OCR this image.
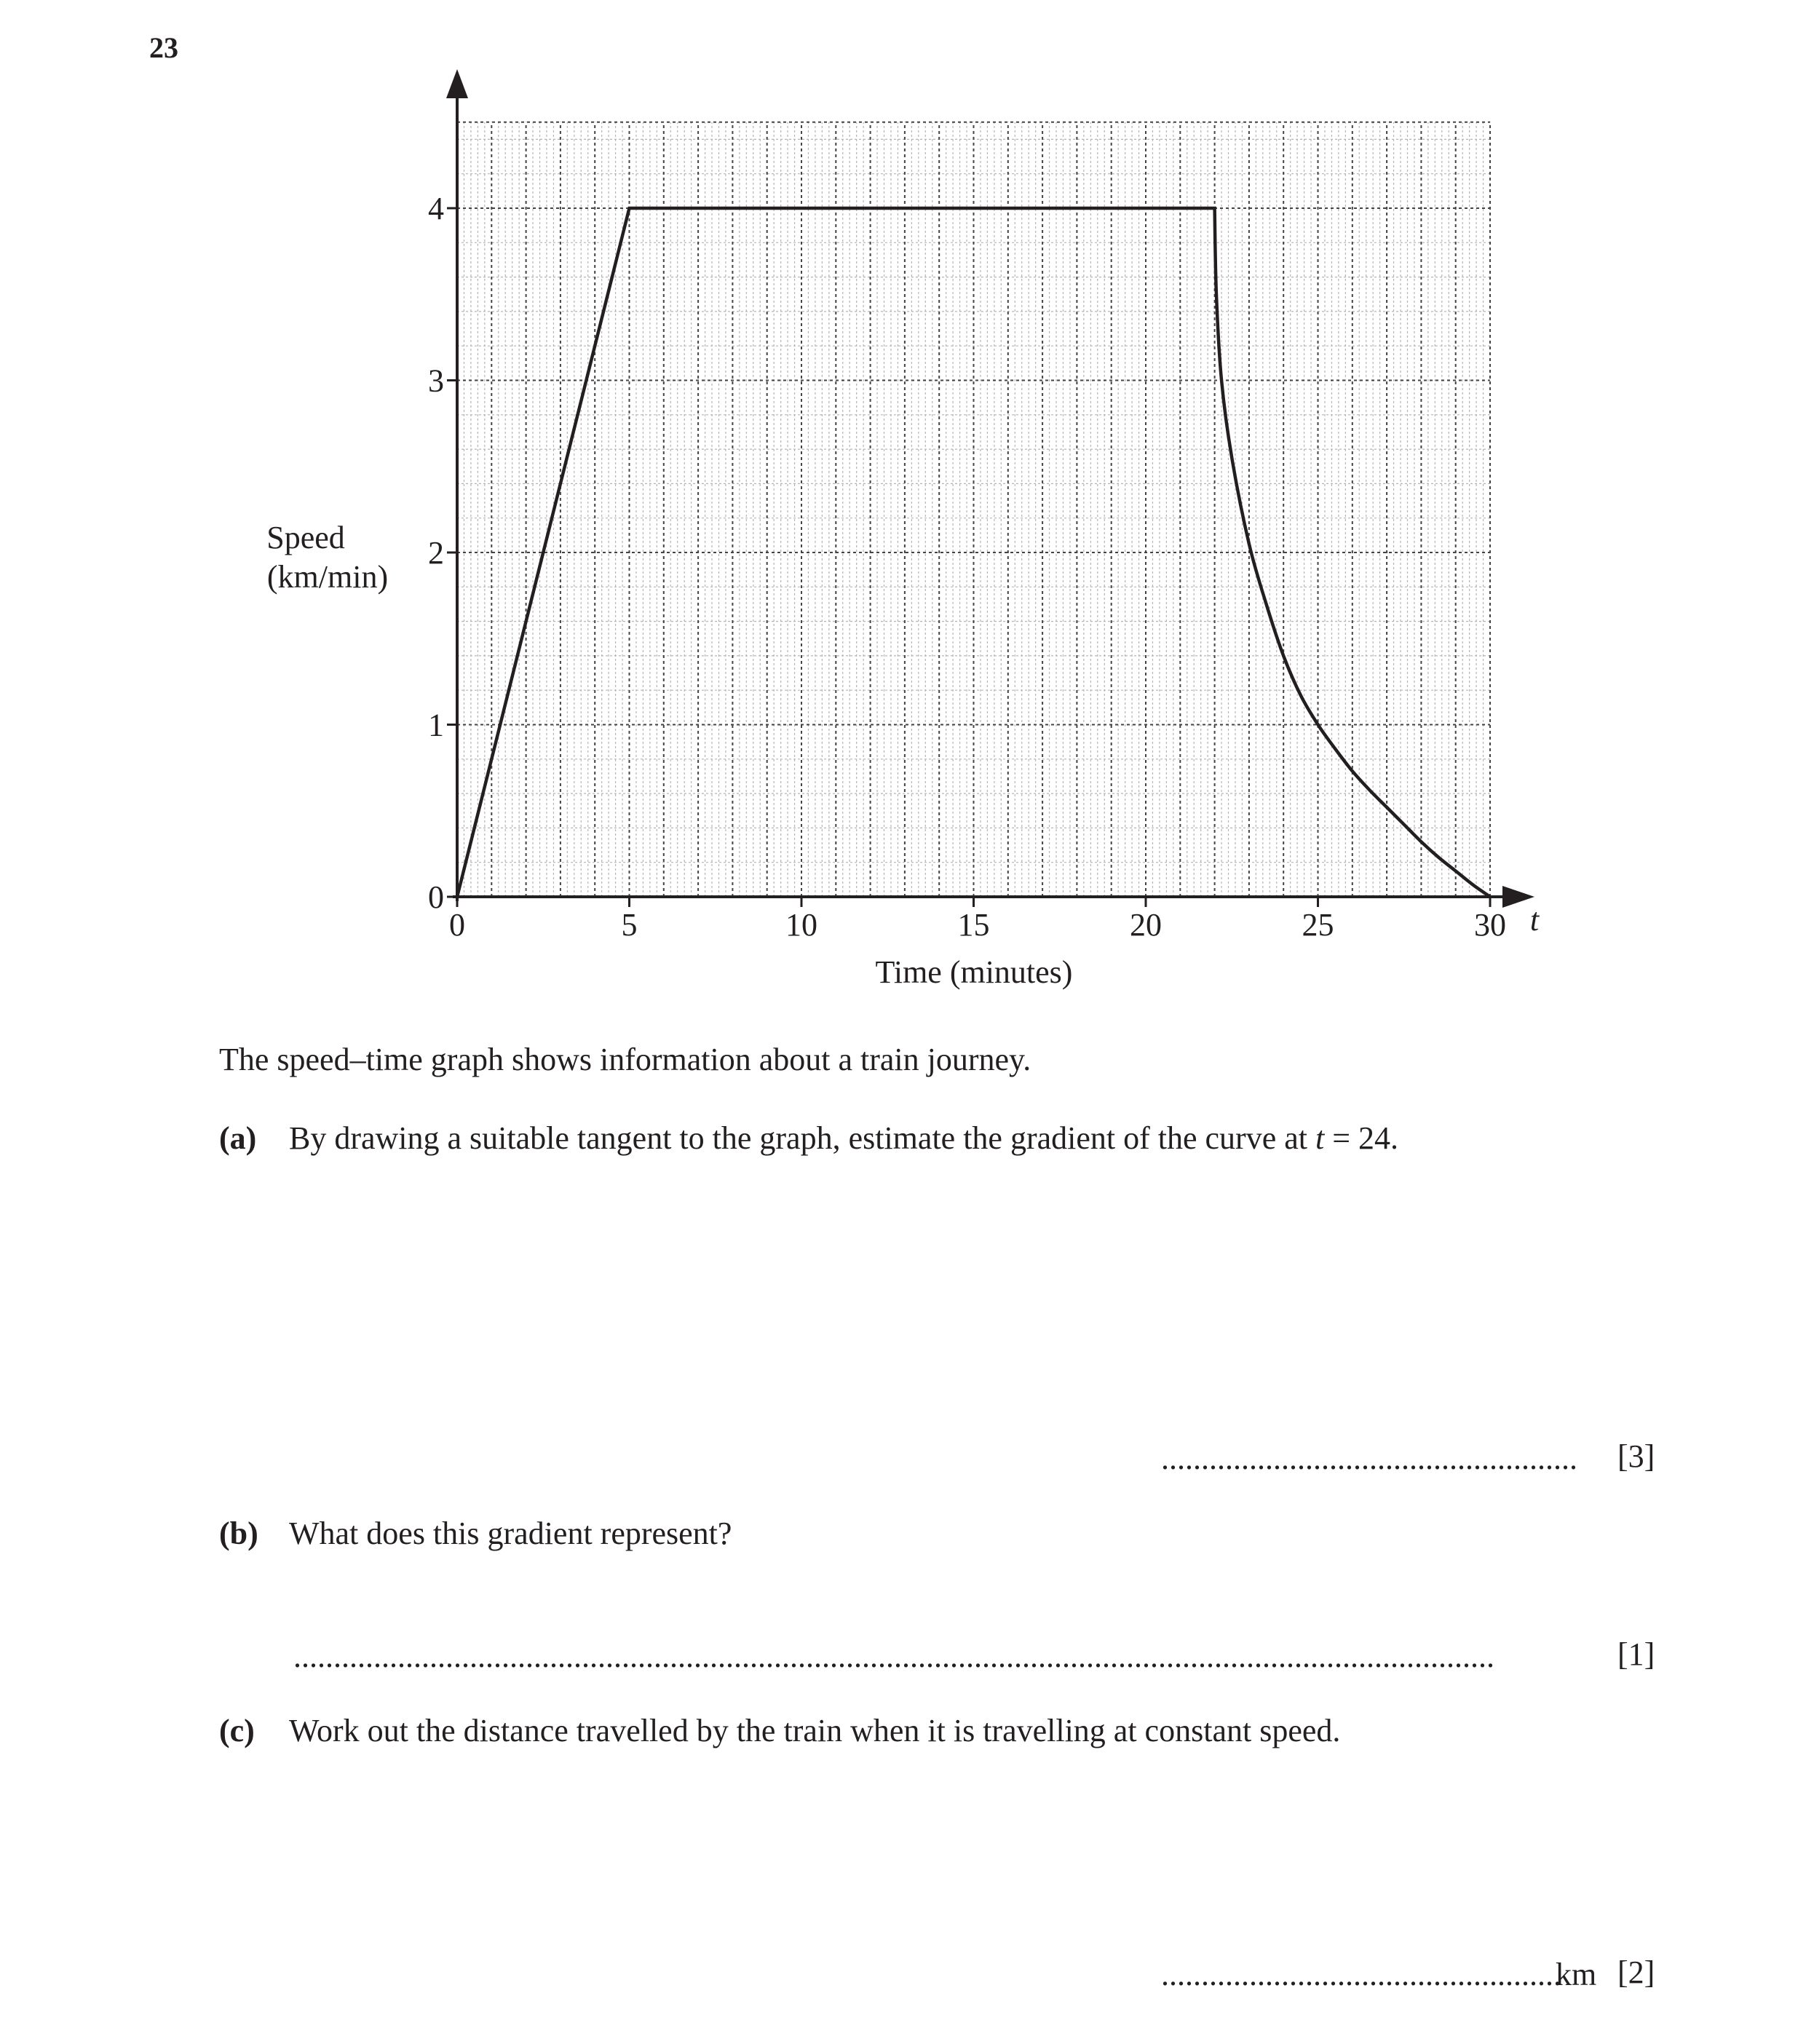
23
0
1
2
3
4
0	5	10	15	20	25	30
Speed
(km/min)
Time (minutes)
t
The speed–time graph shows information about a train journey.
(a) By drawing a suitable tangent to the graph, estimate the gradient of the curve at t = 24.
.................................................... [3]
(b) What does this gradient represent?
......................................................................................................................................................	[1]
(c) Work out the distance travelled by the train when it is travelling at constant speed.
..................................................
km [2]
